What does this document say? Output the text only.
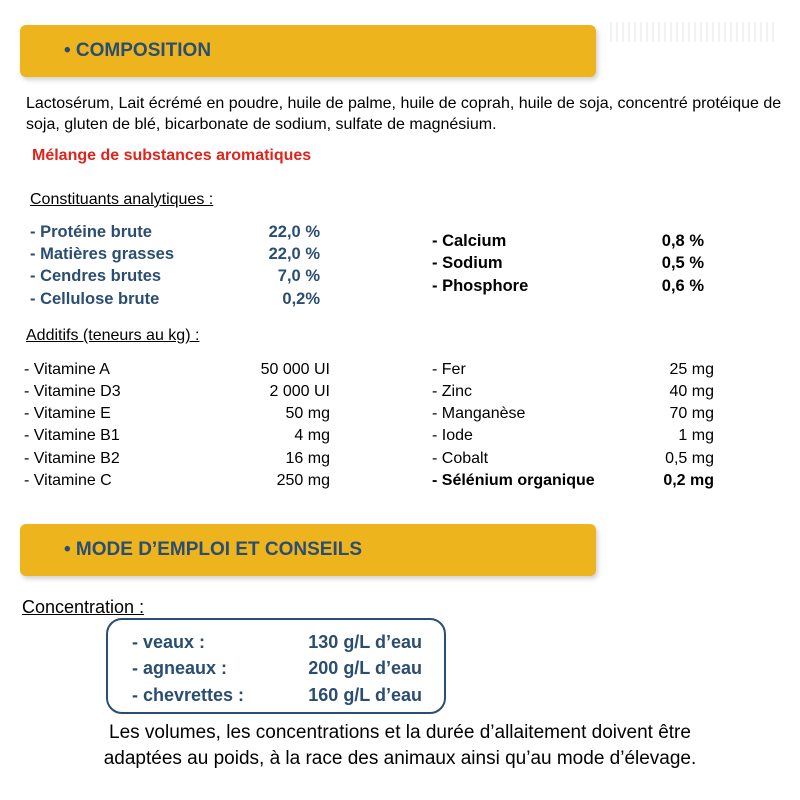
• COMPOSITION
Lactosérum, Lait écrémé en poudre, huile de palme, huile de coprah, huile de soja, concentré protéique de soja, gluten de blé, bicarbonate de sodium, sulfate de magnésium.
Mélange de substances aromatiques
Constituants analytiques :
- Protéine brute	22,0 %
- Matières grasses	22,0 %
- Cendres brutes	7,0 %
- Cellulose brute	0,2%
- Calcium	0,8 %
- Sodium	0,5 %
- Phosphore	0,6 %
Additifs (teneurs au kg) :
- Vitamine A	50 000 UI
- Vitamine D3	2 000 UI
- Vitamine E	50 mg
- Vitamine B1	4 mg
- Vitamine B2	16 mg
- Vitamine C	250 mg
- Fer	25 mg
- Zinc	40 mg
- Manganèse	70 mg
- Iode	1 mg
- Cobalt	0,5 mg
- Sélénium organique	0,2 mg
• MODE D’EMPLOI ET CONSEILS
Concentration :
- veaux :	130 g/L d’eau
- agneaux :	200 g/L d’eau
- chevrettes :	160 g/L d’eau
Les volumes, les concentrations et la durée d’allaitement doivent être
adaptées au poids, à la race des animaux ainsi qu’au mode d’élevage.
